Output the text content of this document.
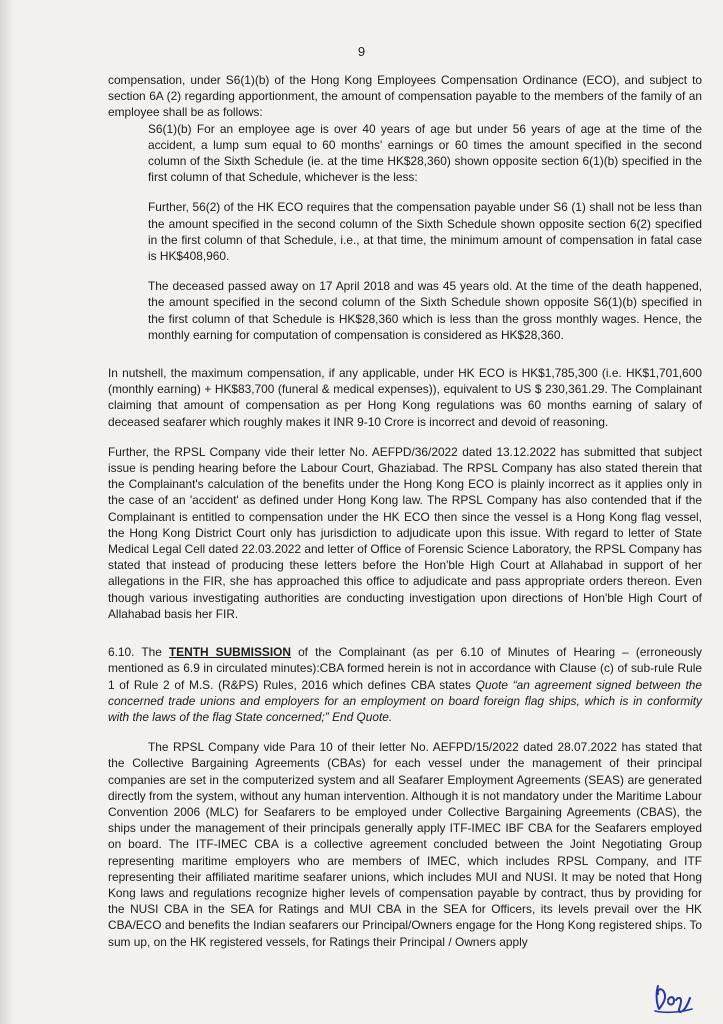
9

compensation, under S6(1)(b) of the Hong Kong Employees Compensation Ordinance (ECO), and subject to section 6A (2) regarding apportionment, the amount of compensation payable to the members of the family of an employee shall be as follows:

S6(1)(b) For an employee age is over 40 years of age but under 56 years of age at the time of the accident, a lump sum equal to 60 months' earnings or 60 times the amount specified in the second column of the Sixth Schedule (ie. at the time HK$28,360) shown opposite section 6(1)(b) specified in the first column of that Schedule, whichever is the less:

Further, 56(2) of the HK ECO requires that the compensation payable under S6 (1) shall not be less than the amount specified in the second column of the Sixth Schedule shown opposite section 6(2) specified in the first column of that Schedule, i.e., at that time, the minimum amount of compensation in fatal case is HK$408,960.

The deceased passed away on 17 April 2018 and was 45 years old. At the time of the death happened, the amount specified in the second column of the Sixth Schedule shown opposite S6(1)(b) specified in the first column of that Schedule is HK$28,360 which is less than the gross monthly wages. Hence, the monthly earning for computation of compensation is considered as HK$28,360.

In nutshell, the maximum compensation, if any applicable, under HK ECO is HK$1,785,300 (i.e. HK$1,701,600 (monthly earning) + HK$83,700 (funeral & medical expenses)), equivalent to US $ 230,361.29. The Complainant claiming that amount of compensation as per Hong Kong regulations was 60 months earning of salary of deceased seafarer which roughly makes it INR 9-10 Crore is incorrect and devoid of reasoning.

Further, the RPSL Company vide their letter No. AEFPD/36/2022 dated 13.12.2022 has submitted that subject issue is pending hearing before the Labour Court, Ghaziabad. The RPSL Company has also stated therein that the Complainant's calculation of the benefits under the Hong Kong ECO is plainly incorrect as it applies only in the case of an 'accident' as defined under Hong Kong law. The RPSL Company has also contended that if the Complainant is entitled to compensation under the HK ECO then since the vessel is a Hong Kong flag vessel, the Hong Kong District Court only has jurisdiction to adjudicate upon this issue. With regard to letter of State Medical Legal Cell dated 22.03.2022 and letter of Office of Forensic Science Laboratory, the RPSL Company has stated that instead of producing these letters before the Hon'ble High Court at Allahabad in support of her allegations in the FIR, she has approached this office to adjudicate and pass appropriate orders thereon. Even though various investigating authorities are conducting investigation upon directions of Hon'ble High Court of Allahabad basis her FIR.

6.10. The TENTH SUBMISSION of the Complainant (as per 6.10 of Minutes of Hearing – (erroneously mentioned as 6.9 in circulated minutes):CBA formed herein is not in accordance with Clause (c) of sub-rule Rule 1 of Rule 2 of M.S. (R&PS) Rules, 2016 which defines CBA states Quote “an agreement signed between the concerned trade unions and employers for an employment on board foreign flag ships, which is in conformity with the laws of the flag State concerned;” End Quote.

The RPSL Company vide Para 10 of their letter No. AEFPD/15/2022 dated 28.07.2022 has stated that the Collective Bargaining Agreements (CBAs) for each vessel under the management of their principal companies are set in the computerized system and all Seafarer Employment Agreements (SEAS) are generated directly from the system, without any human intervention. Although it is not mandatory under the Maritime Labour Convention 2006 (MLC) for Seafarers to be employed under Collective Bargaining Agreements (CBAS), the ships under the management of their principals generally apply ITF-IMEC IBF CBA for the Seafarers employed on board. The ITF-IMEC CBA is a collective agreement concluded between the Joint Negotiating Group representing maritime employers who are members of IMEC, which includes RPSL Company, and ITF representing their affiliated maritime seafarer unions, which includes MUI and NUSI. It may be noted that Hong Kong laws and regulations recognize higher levels of compensation payable by contract, thus by providing for the NUSI CBA in the SEA for Ratings and MUI CBA in the SEA for Officers, its levels prevail over the HK CBA/ECO and benefits the Indian seafarers our Principal/Owners engage for the Hong Kong registered ships. To sum up, on the HK registered vessels, for Ratings their Principal / Owners apply
